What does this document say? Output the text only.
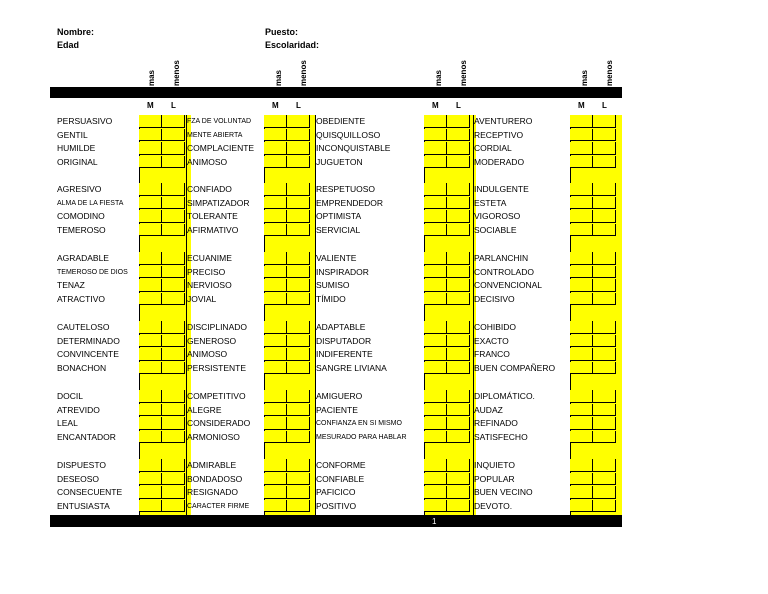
Nombre:
Edad
Puesto:
Escolaridad:
mas menos
M L
mas menos
M L
mas menos
M L
mas menos
M L
PERSUASIVO	FZA DE VOLUNTAD	OBEDIENTE	AVENTURERO
GENTIL	MENTE ABIERTA	QUISQUILLOSO	RECEPTIVO
HUMILDE	COMPLACIENTE	INCONQUISTABLE	CORDIAL
ORIGINAL	ANIMOSO	JUGUETON	MODERADO
AGRESIVO	CONFIADO	RESPETUOSO	INDULGENTE
ALMA DE LA FIESTA	SIMPATIZADOR	EMPRENDEDOR	ESTETA
COMODINO	TOLERANTE	OPTIMISTA	VIGOROSO
TEMEROSO	AFIRMATIVO	SERVICIAL	SOCIABLE
AGRADABLE	ECUANIME	VALIENTE	PARLANCHIN
TEMEROSO DE DIOS	PRECISO	INSPIRADOR	CONTROLADO
TENAZ	NERVIOSO	SUMISO	CONVENCIONAL
ATRACTIVO	JOVIAL	TÍMIDO	DECISIVO
CAUTELOSO	DISCIPLINADO	ADAPTABLE	COHIBIDO
DETERMINADO	GENEROSO	DISPUTADOR	EXACTO
CONVINCENTE	ANIMOSO	INDIFERENTE	FRANCO
BONACHON	PERSISTENTE	SANGRE LIVIANA	BUEN COMPAÑERO
DOCIL	COMPETITIVO	AMIGUERO	DIPLOMÁTICO.
ATREVIDO	ALEGRE	PACIENTE	AUDAZ
LEAL	CONSIDERADO	CONFIANZA EN SI MISMO	REFINADO
ENCANTADOR	ARMONIOSO	MESURADO PARA HABLAR	SATISFECHO
DISPUESTO	ADMIRABLE	CONFORME	INQUIETO
DESEOSO	BONDADOSO	CONFIABLE	POPULAR
CONSECUENTE	RESIGNADO	PAFICICO	BUEN VECINO
ENTUSIASTA	CARACTER FIRME	POSITIVO	DEVOTO.
1
